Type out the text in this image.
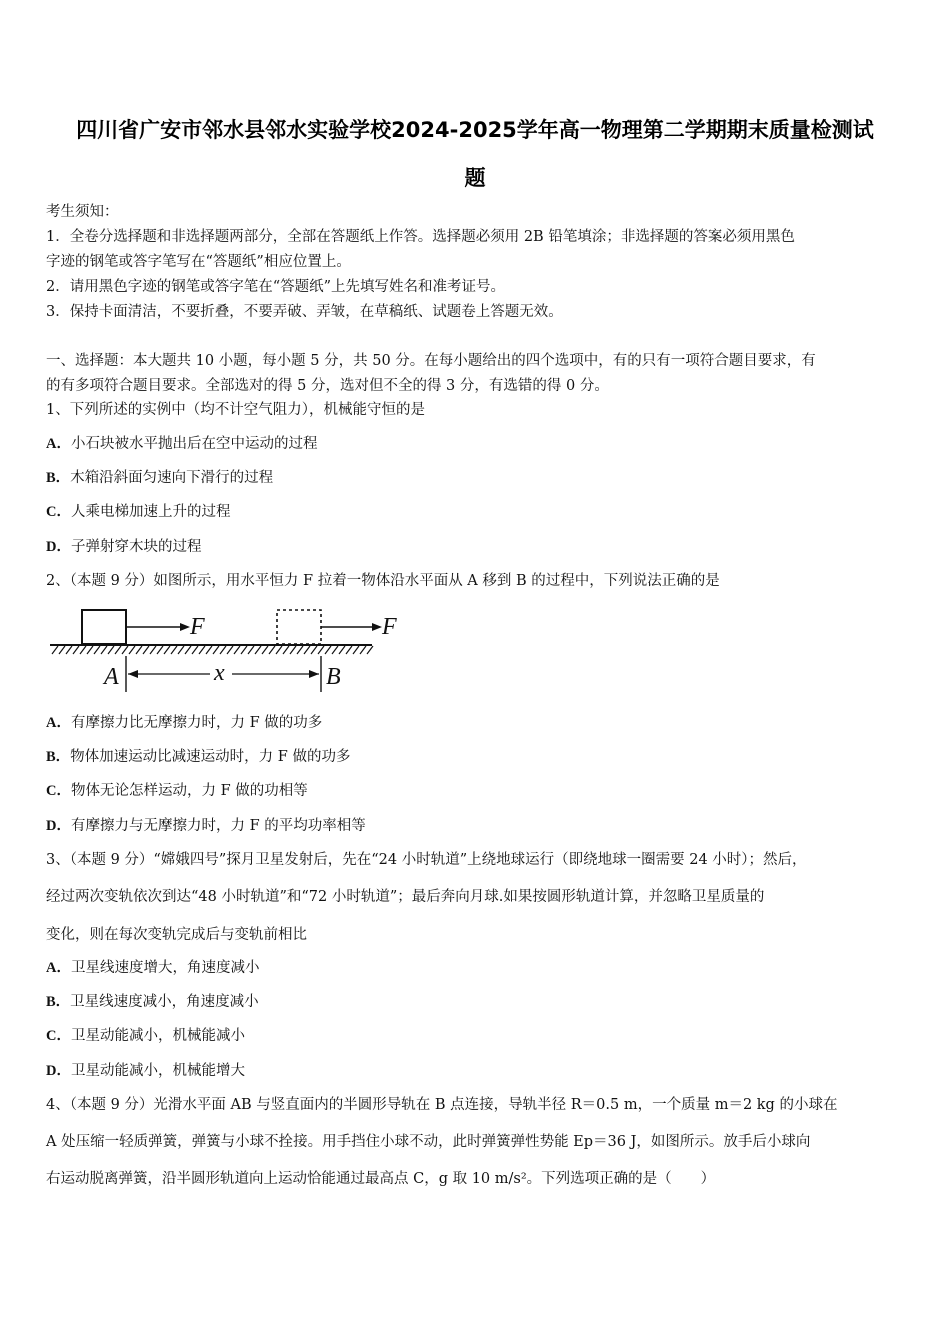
四川省广安市邻水县邻水实验学校2024-2025学年高一物理第二学期期末质量检测试
题
考生须知：
1．全卷分选择题和非选择题两部分，全部在答题纸上作答。选择题必须用 2B 铅笔填涂；非选择题的答案必须用黑色
字迹的钢笔或答字笔写在“答题纸”相应位置上。
2．请用黑色字迹的钢笔或答字笔在“答题纸”上先填写姓名和准考证号。
3．保持卡面清洁，不要折叠，不要弄破、弄皱，在草稿纸、试题卷上答题无效。
一、选择题：本大题共 10 小题，每小题 5 分，共 50 分。在每小题给出的四个选项中，有的只有一项符合题目要求，有
的有多项符合题目要求。全部选对的得 5 分，选对但不全的得 3 分，有选错的得 0 分。
1、下列所述的实例中（均不计空气阻力），机械能守恒的是
A．小石块被水平抛出后在空中运动的过程
B．木箱沿斜面匀速向下滑行的过程
C．人乘电梯加速上升的过程
D．子弹射穿木块的过程
2、（本题 9 分）如图所示，用水平恒力 F 拉着一物体沿水平面从 A 移到 B 的过程中，下列说法正确的是
F	F
A	B
x
A．有摩擦力比无摩擦力时，力 F 做的功多
B．物体加速运动比减速运动时，力 F 做的功多
C．物体无论怎样运动，力 F 做的功相等
D．有摩擦力与无摩擦力时，力 F 的平均功率相等
3、（本题 9 分）“嫦娥四号”探月卫星发射后，先在“24 小时轨道”上绕地球运行（即绕地球一圈需要 24 小时）；然后，
经过两次变轨依次到达“48 小时轨道”和“72 小时轨道”；最后奔向月球.如果按圆形轨道计算，并忽略卫星质量的
变化，则在每次变轨完成后与变轨前相比
A．卫星线速度增大，角速度减小
B．卫星线速度减小，角速度减小
C．卫星动能减小，机械能减小
D．卫星动能减小，机械能增大
4、（本题 9 分）光滑水平面 AB 与竖直面内的半圆形导轨在 B 点连接，导轨半径 R＝0.5 m，一个质量 m＝2 kg 的小球在
A 处压缩一轻质弹簧，弹簧与小球不拴接。用手挡住小球不动，此时弹簧弹性势能 Ep＝36 J，如图所示。放手后小球向
右运动脱离弹簧，沿半圆形轨道向上运动恰能通过最高点 C，g 取 10 m/s²。下列选项正确的是（　　）
